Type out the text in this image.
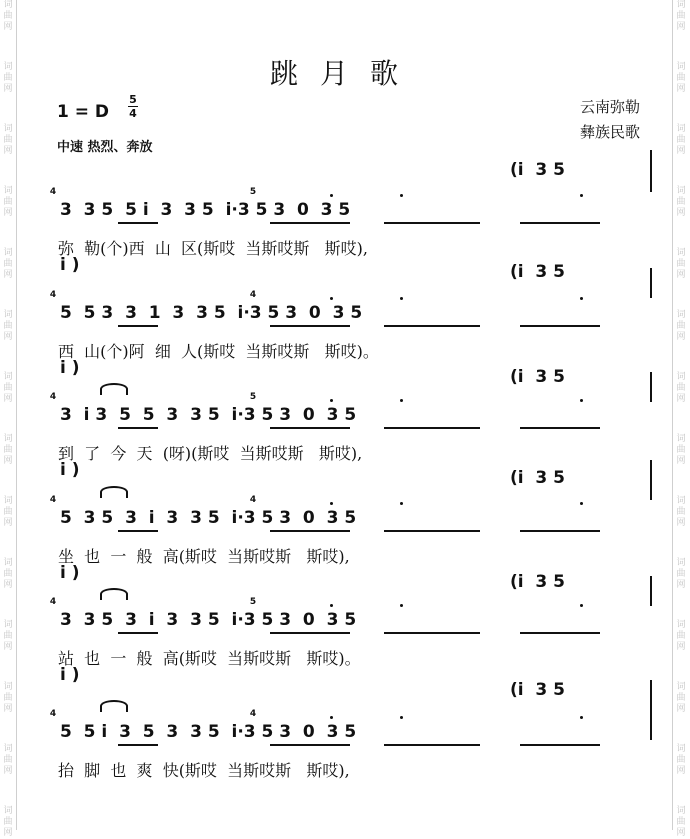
词
曲
网
词
曲
网
词
曲
网
词
曲
网
词
曲
网
词
曲
网
词
曲
网
词
曲
网
词
曲
网
词
曲
网
词
曲
网
词
曲
网
词
曲
网
词
曲
网
词
曲
网
词
曲
网
词
曲
网
词
曲
网
词
曲
网
词
曲
网
词
曲
网
词
曲
网
词
曲
网
词
曲
网
词
曲
网
词
曲
网
词
曲
网
词
曲
网
跳月歌
1 = D
5
4
中速 热烈、奔放
云南弥勒
彝族民歌
(i  3 5
i )	(i  3 5
i )	(i  3 5
i )	(i  3 5
i )	(i  3 5
i )
(i  3 5
3  3 5  5 i  3  3 5  i·3 5 3  0  3 5
弥  勒(个)西  山  区(斯哎  当斯哎斯   斯哎),
4	5
5  5 3  3  1  3  3 5  i·3 5 3  0  3 5
西  山(个)阿  细  人(斯哎  当斯哎斯   斯哎)。
4	4
3  i 3  5  5  3  3 5  i·3 5 3  0  3 5
到  了  今  天  (呀)(斯哎  当斯哎斯   斯哎),
4	5
5  3 5  3  i  3  3 5  i·3 5 3  0  3 5
坐  也  一  般  高(斯哎  当斯哎斯   斯哎),
4	4
3  3 5  3  i  3  3 5  i·3 5 3  0  3 5
站  也  一  般  高(斯哎  当斯哎斯   斯哎)。
4	5
5  5 i  3  5  3  3 5  i·3 5 3  0  3 5
抬  脚  也  爽  快(斯哎  当斯哎斯   斯哎),
4	4
